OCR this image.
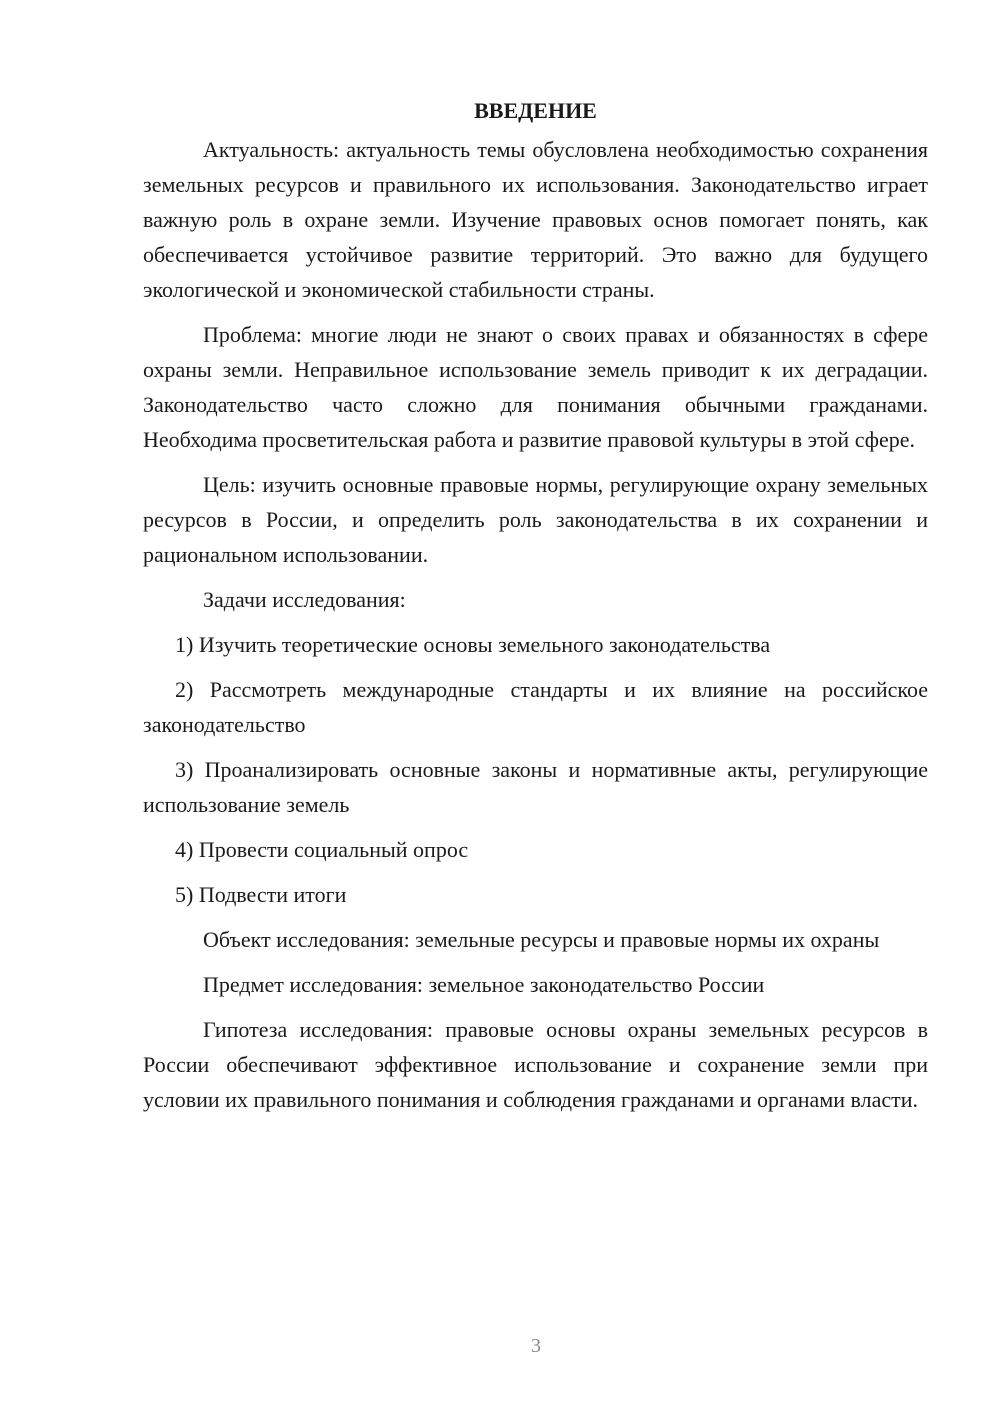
ВВЕДЕНИЕ

Актуальность: актуальность темы обусловлена необходимостью сохранения земельных ресурсов и правильного их использования. Законодательство играет важную роль в охране земли. Изучение правовых основ помогает понять, как обеспечивается устойчивое развитие территорий. Это важно для будущего экологической и экономической стабильности страны.

Проблема: многие люди не знают о своих правах и обязанностях в сфере охраны земли. Неправильное использование земель приводит к их деградации. Законодательство часто сложно для понимания обычными гражданами. Необходима просветительская работа и развитие правовой культуры в этой сфере.

Цель: изучить основные правовые нормы, регулирующие охрану земельных ресурсов в России, и определить роль законодательства в их сохранении и рациональном использовании.

Задачи исследования:

1) Изучить теоретические основы земельного законодательства

2) Рассмотреть международные стандарты и их влияние на российское законодательство

3) Проанализировать основные законы и нормативные акты, регулирующие использование земель

4) Провести социальный опрос

5) Подвести итоги

Объект исследования: земельные ресурсы и правовые нормы их охраны

Предмет исследования: земельное законодательство России

Гипотеза исследования: правовые основы охраны земельных ресурсов в России обеспечивают эффективное использование и сохранение земли при условии их правильного понимания и соблюдения гражданами и органами власти.

3
